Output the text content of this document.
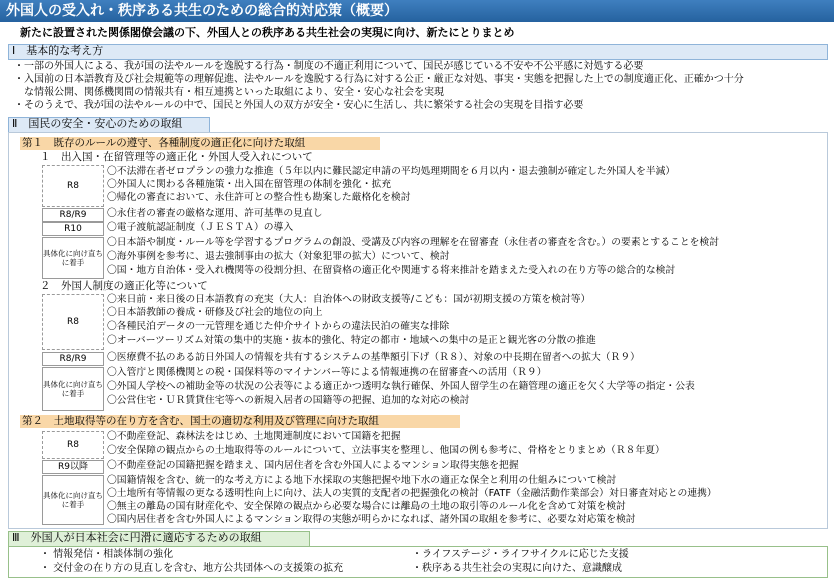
外国人の受入れ・秩序ある共生のための総合的対応策（概要）
新たに設置された関係閣僚会議の下、外国人との秩序ある共生社会の実現に向け、新たにとりまとめ
Ⅰ　基本的な考え方
・一部の外国人による、我が国の法やルールを逸脱する行為・制度の不適正利用について、国民が感じている不安や不公平感に対処する必要
・入国前の日本語教育及び社会規範等の理解促進、法やルールを逸脱する行為に対する公正・厳正な対処、事実・実態を把握した上での制度適正化、正確かつ十分
　な情報公開、関係機関間の情報共有・相互連携といった取組により、安全・安心な社会を実現
・そのうえで、我が国の法やルールの中で、国民と外国人の双方が安全・安心に生活し、共に繁栄する社会の実現を目指す必要
Ⅱ　国民の安全・安心のための取組
第１　既存のルールの遵守、各種制度の適正化に向けた取組
１　出入国・在留管理等の適正化・外国人受入れについて
R8
R8/R9
R10
具体化に向け直ちに着手
〇不法滞在者ゼロプランの強力な推進（５年以内に難民認定申請の平均処理期間を６月以内・退去強制が確定した外国人を半減）
〇外国人に関わる各種施策・出入国在留管理の体制を強化・拡充
〇帰化の審査において、永住許可との整合性も勘案した厳格化を検討
〇永住者の審査の厳格な運用、許可基準の見直し
〇電子渡航認証制度（ＪＥＳＴＡ）の導入
〇日本語や制度・ルール等を学習するプログラムの創設、受講及び内容の理解を在留審査（永住者の審査を含む。）の要素とすることを検討
〇海外事例を参考に、退去強制事由の拡大（対象犯罪の拡大）について、検討
〇国・地方自治体・受入れ機関等の役割分担、在留資格の適正化や関連する将来推計を踏まえた受入れの在り方等の総合的な検討
２　外国人制度の適正化等について
R8
R8/R9
具体化に向け直ちに着手
〇来日前・来日後の日本語教育の充実（大人：自治体への財政支援等/こども：国が初期支援の方策を検討等）
〇日本語教師の養成・研修及び社会的地位の向上
〇各種民泊データの一元管理を通じた仲介サイトからの違法民泊の確実な排除
〇オーバーツーリズム対策の集中的実施・抜本的強化、特定の都市・地域への集中の是正と観光客の分散の推進
〇医療費不払のある訪日外国人の情報を共有するシステムの基準額引下げ（Ｒ８）、対象の中長期在留者への拡大（Ｒ９）
〇入管庁と関係機関との税・国保料等のマイナンバー等による情報連携の在留審査への活用（Ｒ９）
〇外国人学校への補助金等の状況の公表等による適正かつ透明な執行確保、外国人留学生の在籍管理の適正を欠く大学等の指定・公表
〇公営住宅・ＵＲ賃貸住宅等への新規入居者の国籍等の把握、追加的な対応の検討
第２　土地取得等の在り方を含む、国土の適切な利用及び管理に向けた取組
R8
R9以降
具体化に向け直ちに着手
〇不動産登記、森林法をはじめ、土地関連制度において国籍を把握
〇安全保障の観点からの土地取得等のルールについて、立法事実を整理し、他国の例も参考に、骨格をとりまとめ（Ｒ８年夏）
〇不動産登記の国籍把握を踏まえ、国内居住者を含む外国人によるマンション取得実態を把握
〇国籍情報を含む、統一的な考え方による地下水採取の実態把握や地下水の適正な保全と利用の仕組みについて検討
〇土地所有等情報の更なる透明性向上に向け、法人の実質的支配者の把握強化の検討（FATF（金融活動作業部会）対日審査対応との連携）
〇無主の離島の国有財産化や、安全保障の観点から必要な場合には離島の土地の取引等のルール化を含めて対策を検討
〇国内居住者を含む外国人によるマンション取得の実態が明らかになれば、諸外国の取組を参考に、必要な対応策を検討
Ⅲ　外国人が日本社会に円滑に適応するための取組
・ 情報発信・相談体制の強化
・ 交付金の在り方の見直しを含む、地方公共団体への支援策の拡充
・ライフステージ・ライフサイクルに応じた支援
・秩序ある共生社会の実現に向けた、意識醸成
